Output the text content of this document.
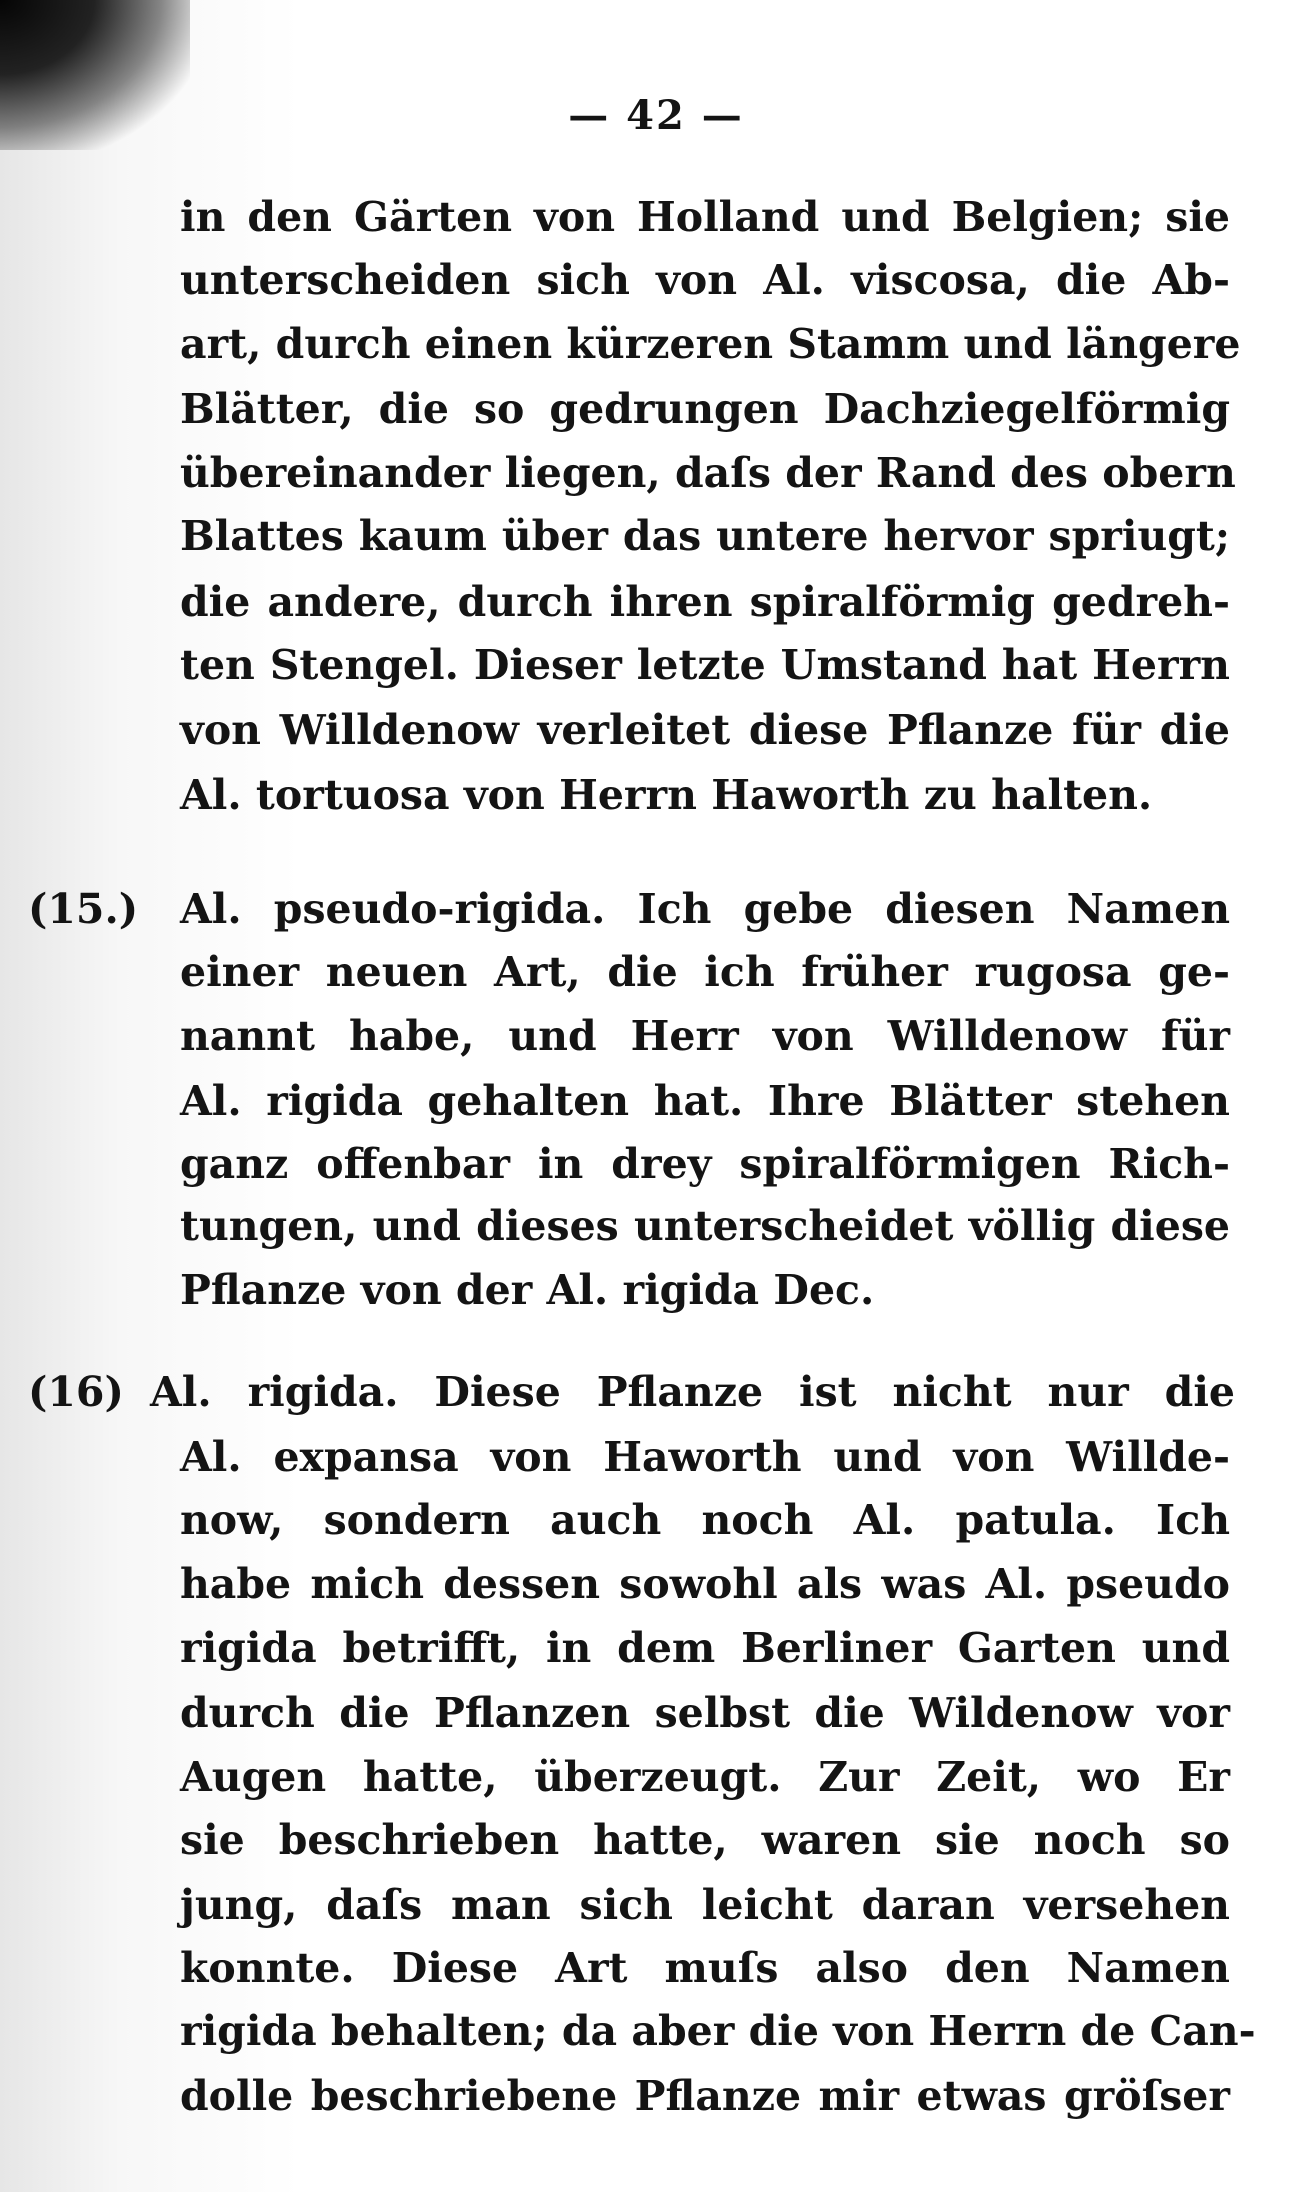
— 42 —
in den Gärten von Holland und Belgien; sie
unterscheiden sich von Al. viscosa, die Ab-
art, durch einen kürzeren Stamm und längere
Blätter, die so gedrungen Dachziegelförmig
übereinander liegen, daſs der Rand des obern
Blattes kaum über das untere hervor spriugt;
die andere, durch ihren spiralförmig gedreh-
ten Stengel. Dieser letzte Umstand hat Herrn
von Willdenow verleitet diese Pflanze für die
Al. tortuosa von Herrn Haworth zu halten.
(15.) Al. pseudo-rigida. Ich gebe diesen Namen
einer neuen Art, die ich früher rugosa ge-
nannt habe, und Herr von Willdenow für
Al. rigida gehalten hat. Ihre Blätter stehen
ganz offenbar in drey spiralförmigen Rich-
tungen, und dieses unterscheidet völlig diese
Pflanze von der Al. rigida Dec.
(16) Al. rigida. Diese Pflanze ist nicht nur die
Al. expansa von Haworth und von Willde-
now, sondern auch noch Al. patula. Ich
habe mich dessen sowohl als was Al. pseudo
rigida betrifft, in dem Berliner Garten und
durch die Pflanzen selbst die Wildenow vor
Augen hatte, überzeugt. Zur Zeit, wo Er
sie beschrieben hatte, waren sie noch so
jung, daſs man sich leicht daran versehen
konnte. Diese Art muſs also den Namen
rigida behalten; da aber die von Herrn de Can-
dolle beschriebene Pflanze mir etwas gröſser
